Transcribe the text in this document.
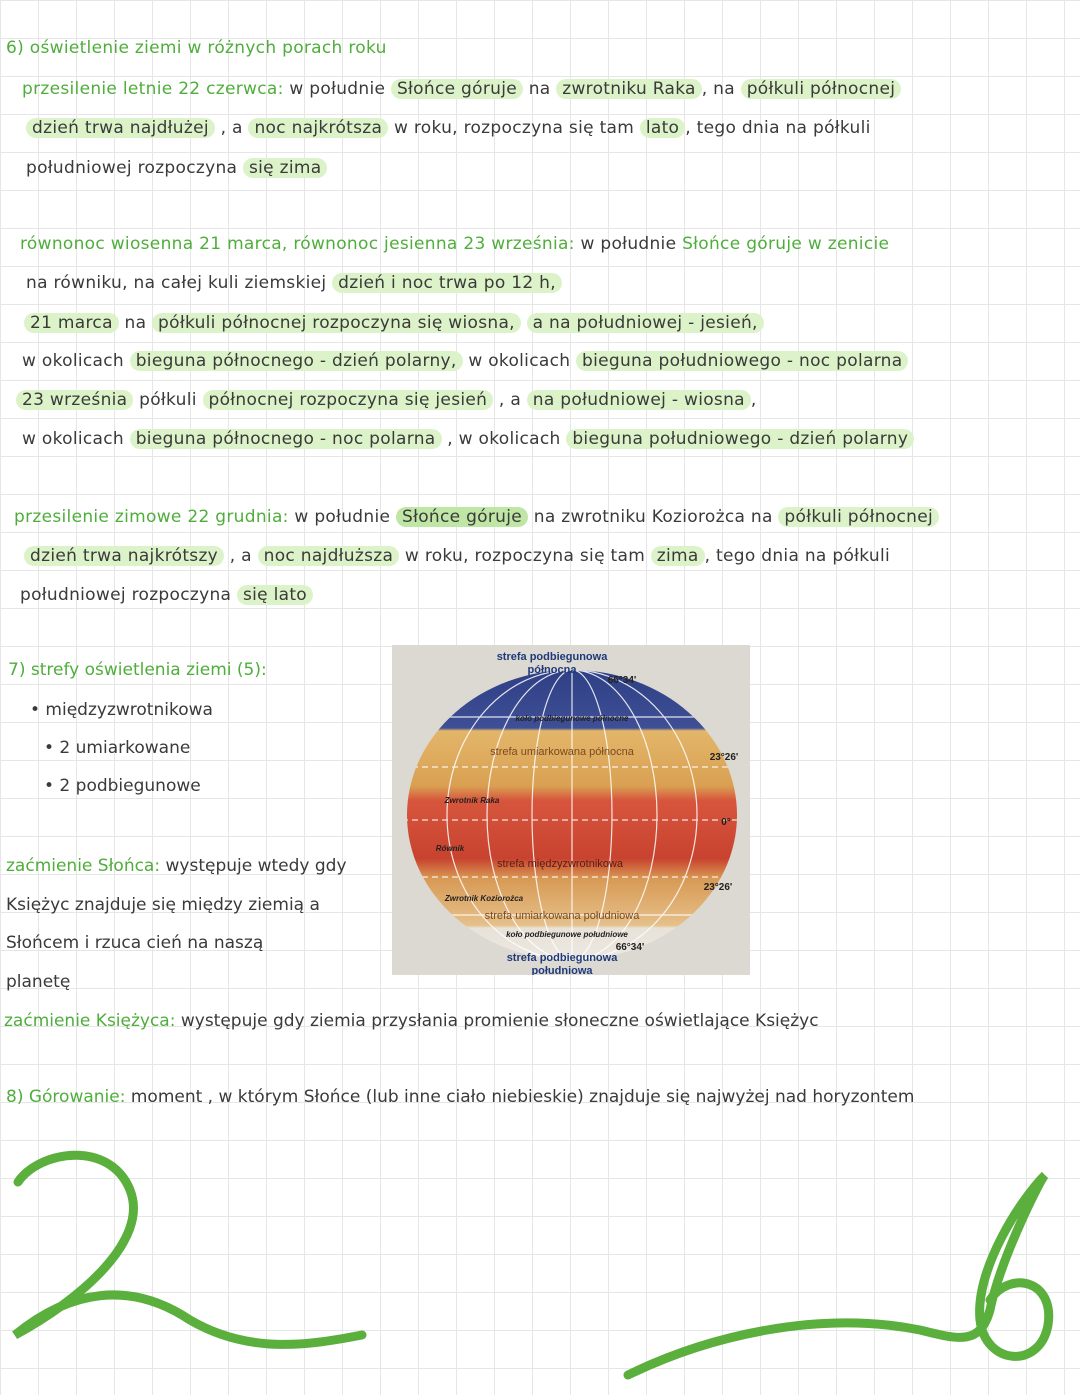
6) oświetlenie ziemi w różnych porach roku
przesilenie letnie 22 czerwca: w południe Słońce góruje na zwrotniku Raka , na półkuli północnej
dzień trwa najdłużej , a noc najkrótsza w roku, rozpoczyna się tam lato , tego dnia na półkuli
południowej rozpoczyna się zima
równonoc wiosenna 21 marca, równonoc jesienna 23 września: w południe Słońce góruje w zenicie
na równiku, na całej kuli ziemskiej dzień i noc trwa po 12 h,
21 marca na półkuli północnej rozpoczyna się wiosna, a na południowej - jesień,
w okolicach bieguna północnego - dzień polarny, w okolicach bieguna południowego - noc polarna
23 września półkuli północnej rozpoczyna się jesień , a na południowej - wiosna ,
w okolicach bieguna północnego - noc polarna , w okolicach bieguna południowego - dzień polarny
przesilenie zimowe 22 grudnia: w południe Słońce góruje na zwrotniku Koziorożca na półkuli północnej
dzień trwa najkrótszy , a noc najdłuższa w roku, rozpoczyna się tam zima , tego dnia na półkuli
południowej rozpoczyna się lato
7) strefy oświetlenia ziemi (5):
• międzyzwrotnikowa
• 2 umiarkowane
• 2 podbiegunowe
strefa podbiegunowa
północna
66°34'
koło podbiegunowe północne
strefa umiarkowana północna	23°26'
Zwrotnik Raka
0°
Równik
strefa międzyzwrotnikowa
23°26'
Zwrotnik Koziorożca
strefa umiarkowana południowa
koło podbiegunowe południowe
66°34'
strefa podbiegunowa
południowa
zaćmienie Słońca: występuje wtedy gdy
Księżyc znajduje się między ziemią a
Słońcem i rzuca cień na naszą
planetę
zaćmienie Księżyca: występuje gdy ziemia przysłania promienie słoneczne oświetlające Księżyc
8) Górowanie: moment , w którym Słońce (lub inne ciało niebieskie) znajduje się najwyżej nad horyzontem
